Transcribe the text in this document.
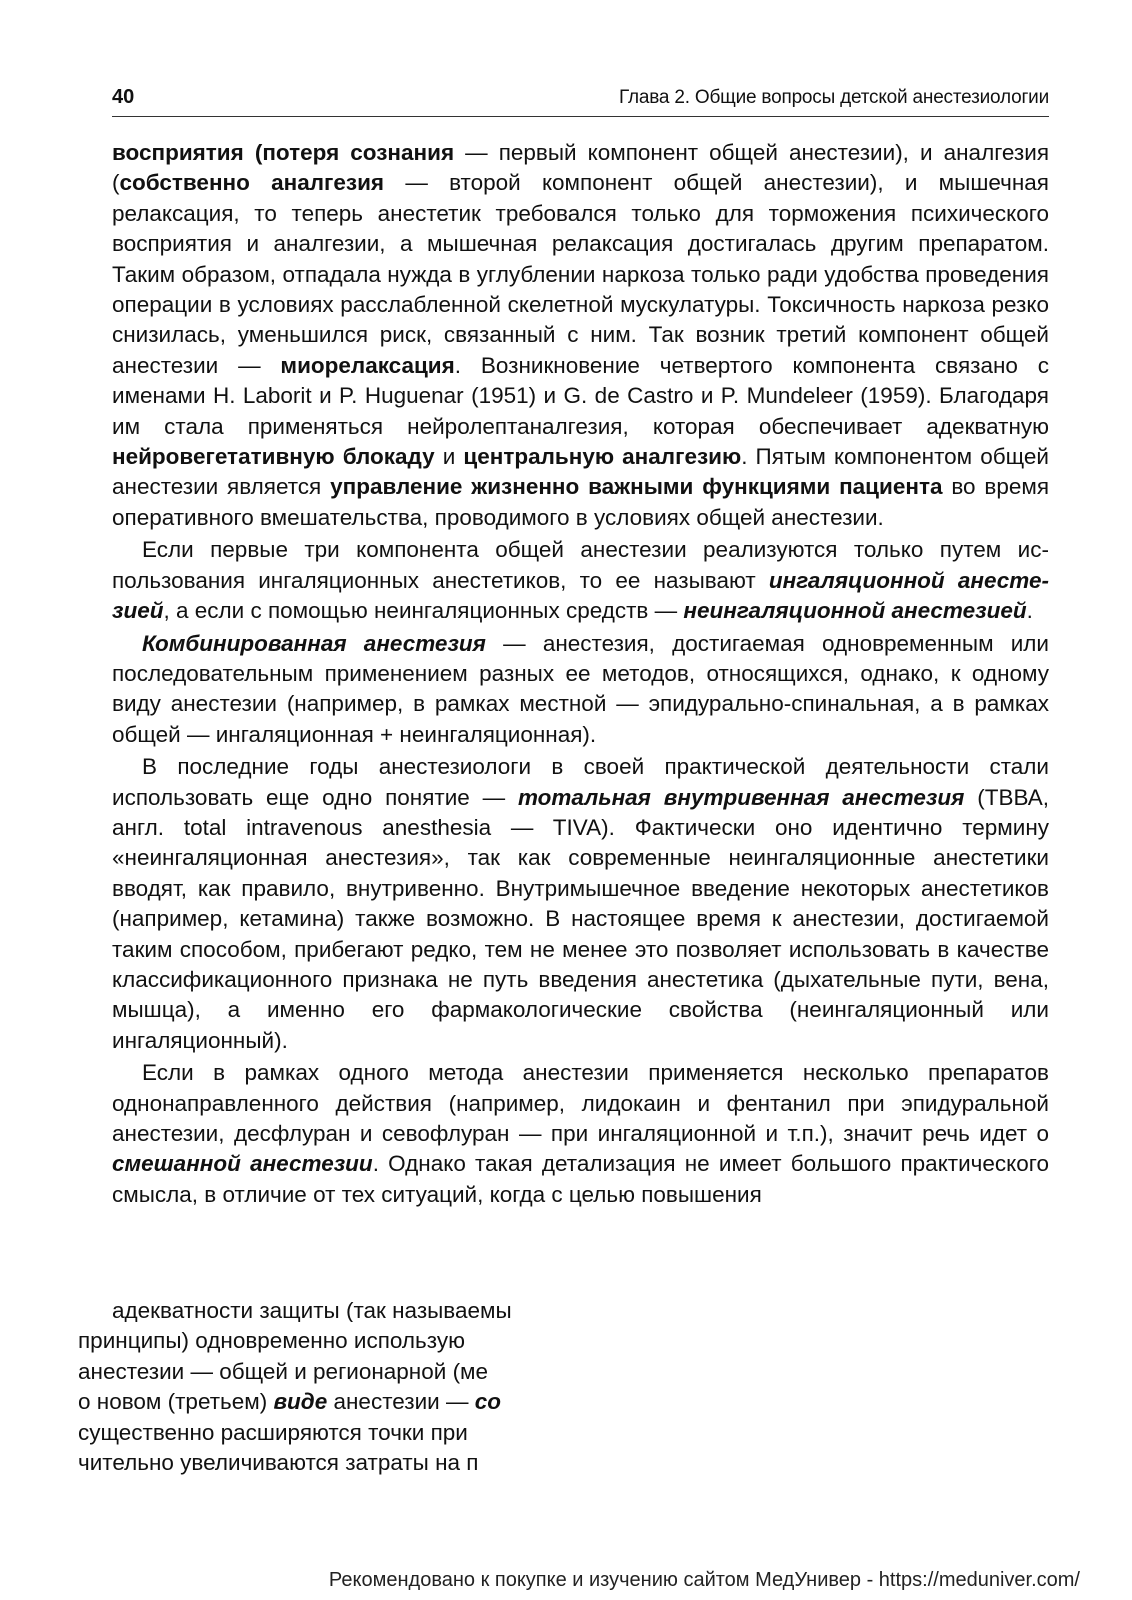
40	Глава 2. Общие вопросы детской анестезиологии

восприятия (потеря сознания — первый компонент общей анестезии), и аналгезия (собственно аналгезия — второй компонент общей анестезии), и мышечная релаксация, то теперь анестетик требовался только для торможения психического восприятия и аналгезии, а мышечная релаксация достигалась другим препаратом. Таким образом, отпадала нужда в углублении наркоза только ради удобства проведения операции в условиях расслабленной скелетной мускулатуры. Токсичность наркоза резко снизилась, уменьшился риск, связанный с ним. Так возник третий компонент общей анестезии — миорелаксация. Возникновение четвертого компонента связано с именами H. Laborit и P. Huguenar (1951) и G. de Castro и P. Mundeleer (1959). Благодаря им стала применяться нейролептаналгезия, которая обеспечивает адекватную нейровегетативную блокаду и центральную аналгезию. Пятым компонентом общей анестезии является управление жизненно важными функциями пациента во время оперативного вмешательства, проводимого в условиях общей анестезии.

Если первые три компонента общей анестезии реализуются только путем использования ингаляционных анестетиков, то ее называют ингаляционной анестезией, а если с помощью неингаляционных средств — неингаляционной анестезией.

Комбинированная анестезия — анестезия, достигаемая одновременным или последовательным применением разных ее методов, относящихся, однако, к одному виду анестезии (например, в рамках местной — эпидурально-спинальная, а в рамках общей — ингаляционная + неингаляционная).

В последние годы анестезиологи в своей практической деятельности стали использовать еще одно понятие — тотальная внутривенная анестезия (ТВВА, англ. total intravenous anesthesia — TIVA). Фактически оно идентично термину «неингаляционная анестезия», так как современные неингаляционные анестетики вводят, как правило, внутривенно. Внутримышечное введение некоторых анестетиков (например, кетамина) также возможно. В настоящее время к анестезии, достигаемой таким способом, прибегают редко, тем не менее это позволяет использовать в качестве классификационного признака не путь введения анестетика (дыхательные пути, вена, мышца), а именно его фармакологические свойства (неингаляционный или ингаляционный).

Если в рамках одного метода анестезии применяется несколько препаратов однонаправленного действия (например, лидокаин и фентанил при эпидуральной анестезии, десфлуран и севофлуран — при ингаляционной и т.п.), значит речь идет о смешанной анестезии. Однако такая детализация не имеет большого практического смысла, в отличие от тех ситуаций, когда с целью повышения

адекватности защиты (так называемы
принципы) одновременно использую
анестезии — общей и регионарной (ме
о новом (третьем) виде анестезии — со
существенно расширяются точки при
чительно увеличиваются затраты на п
Рекомендовано к покупке и изучению сайтом МедУнивер - https://meduniver.com/
